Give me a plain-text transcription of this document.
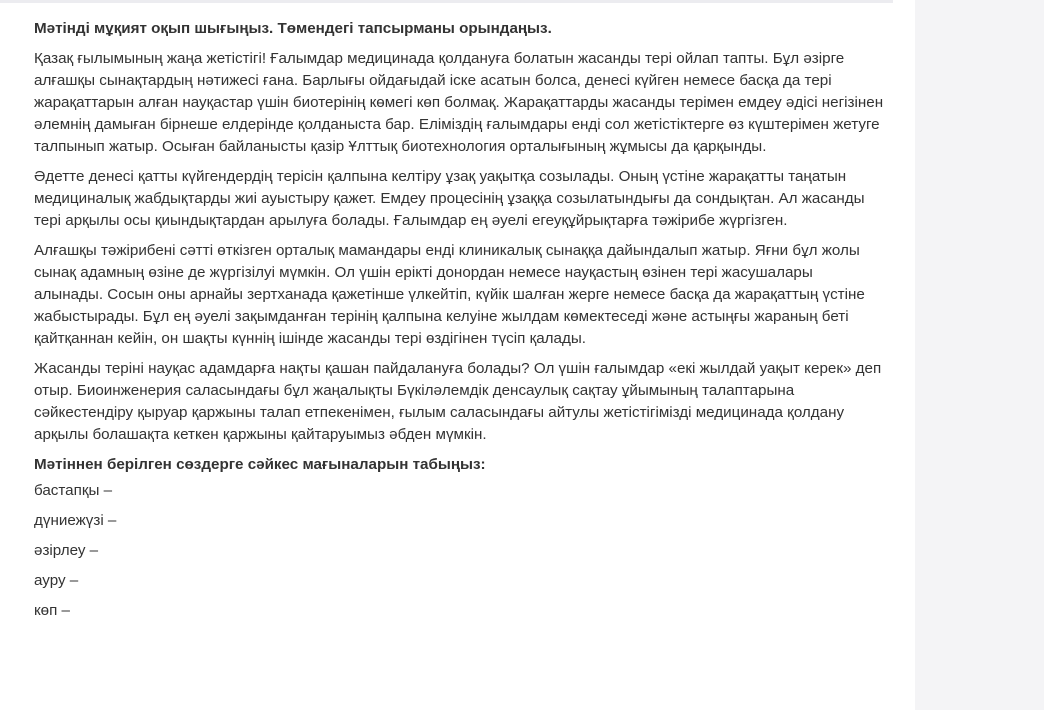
Мәтінді мұқият оқып шығыңыз. Төмендегі тапсырманы орындаңыз.

Қазақ ғылымының жаңа жетістігі! Ғалымдар медицинада қолдануға болатын жасанды тері ойлап тапты. Бұл әзірге алғашқы сынақтардың нәтижесі ғана. Барлығы ойдағыдай іске асатын болса, денесі күйген немесе басқа да тері жарақаттарын алған науқастар үшін биотерінің көмегі көп болмақ. Жарақаттарды жасанды терімен емдеу әдісі негізінен әлемнің дамыған бірнеше елдерінде қолданыста бар. Еліміздің ғалымдары енді сол жетістіктерге өз күштерімен жетуге талпынып жатыр. Осыған байланысты қазір Ұлттық биотехнология орталығының жұмысы да қарқынды.

Әдетте денесі қатты күйгендердің терісін қалпына келтіру ұзақ уақытқа созылады. Оның үстіне жарақатты таңатын медициналық жабдықтарды жиі ауыстыру қажет. Емдеу процесінің ұзаққа созылатындығы да сондықтан. Ал жасанды тері арқылы осы қиындықтардан арылуға болады. Ғалымдар ең әуелі егеуқұйрықтарға тәжірибе жүргізген.

Алғашқы тәжірибені сәтті өткізген орталық мамандары енді клиникалық сынаққа дайындалып жатыр. Яғни бұл жолы сынақ адамның өзіне де жүргізілуі мүмкін. Ол үшін ерікті донордан немесе науқастың өзінен тері жасушалары алынады. Сосын оны арнайы зертханада қажетінше үлкейтіп, күйік шалған жерге немесе басқа да жарақаттың үстіне жабыстырады. Бұл ең әуелі зақымданған терінің қалпына келуіне жылдам көмектеседі және астыңғы жараның беті қайтқаннан кейін, он шақты күннің ішінде жасанды тері өздігінен түсіп қалады.

Жасанды теріні науқас адамдарға нақты қашан пайдалануға болады? Ол үшін ғалымдар «екі жылдай уақыт керек» деп отыр. Биоинженерия саласындағы бұл жаңалықты Бүкіләлемдік денсаулық сақтау ұйымының талаптарына сәйкестендіру қыруар қаржыны талап етпекенімен, ғылым саласындағы айтулы жетістігімізді медицинада қолдану арқылы болашақта кеткен қаржыны қайтаруымыз әбден мүмкін.

Мәтіннен берілген сөздерге сәйкес мағыналарын табыңыз:

бастапқы –
дүниежүзі –
әзірлеу –
ауру –
көп –
